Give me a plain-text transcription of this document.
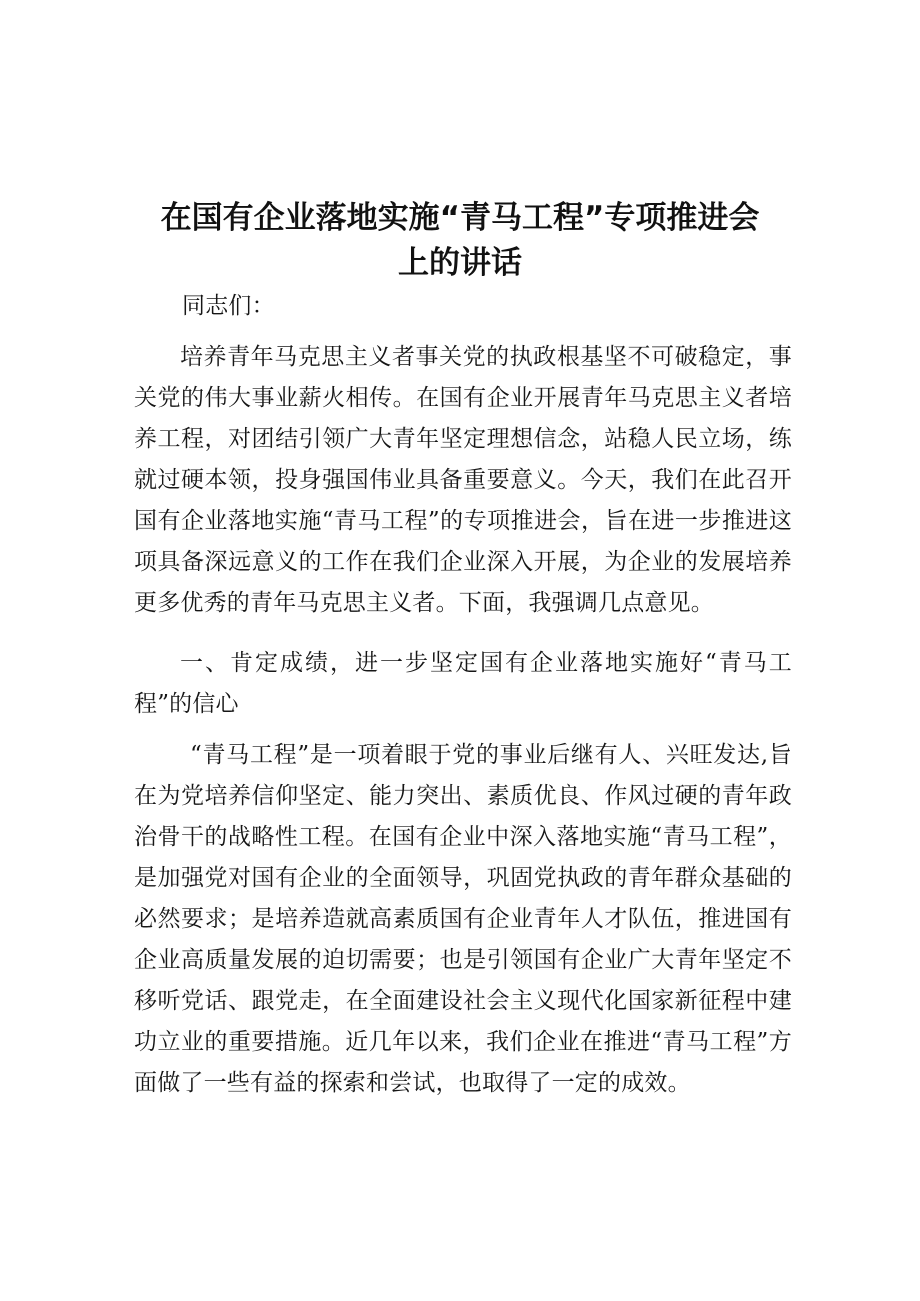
在国有企业落地实施“青马工程”专项推进会
上的讲话

同志们：

培养青年马克思主义者事关党的执政根基坚不可破稳定，事关党的伟大事业薪火相传。在国有企业开展青年马克思主义者培养工程，对团结引领广大青年坚定理想信念，站稳人民立场，练就过硬本领，投身强国伟业具备重要意义。今天，我们在此召开国有企业落地实施“青马工程”的专项推进会，旨在进一步推进这项具备深远意义的工作在我们企业深入开展，为企业的发展培养更多优秀的青年马克思主义者。下面，我强调几点意见。

一、肯定成绩，进一步坚定国有企业落地实施好“青马工程”的信心

“青马工程”是一项着眼于党的事业后继有人、兴旺发达,旨在为党培养信仰坚定、能力突出、素质优良、作风过硬的青年政治骨干的战略性工程。在国有企业中深入落地实施“青马工程”，是加强党对国有企业的全面领导，巩固党执政的青年群众基础的必然要求；是培养造就高素质国有企业青年人才队伍，推进国有企业高质量发展的迫切需要；也是引领国有企业广大青年坚定不移听党话、跟党走，在全面建设社会主义现代化国家新征程中建功立业的重要措施。近几年以来，我们企业在推进“青马工程”方面做了一些有益的探索和尝试，也取得了一定的成效。
